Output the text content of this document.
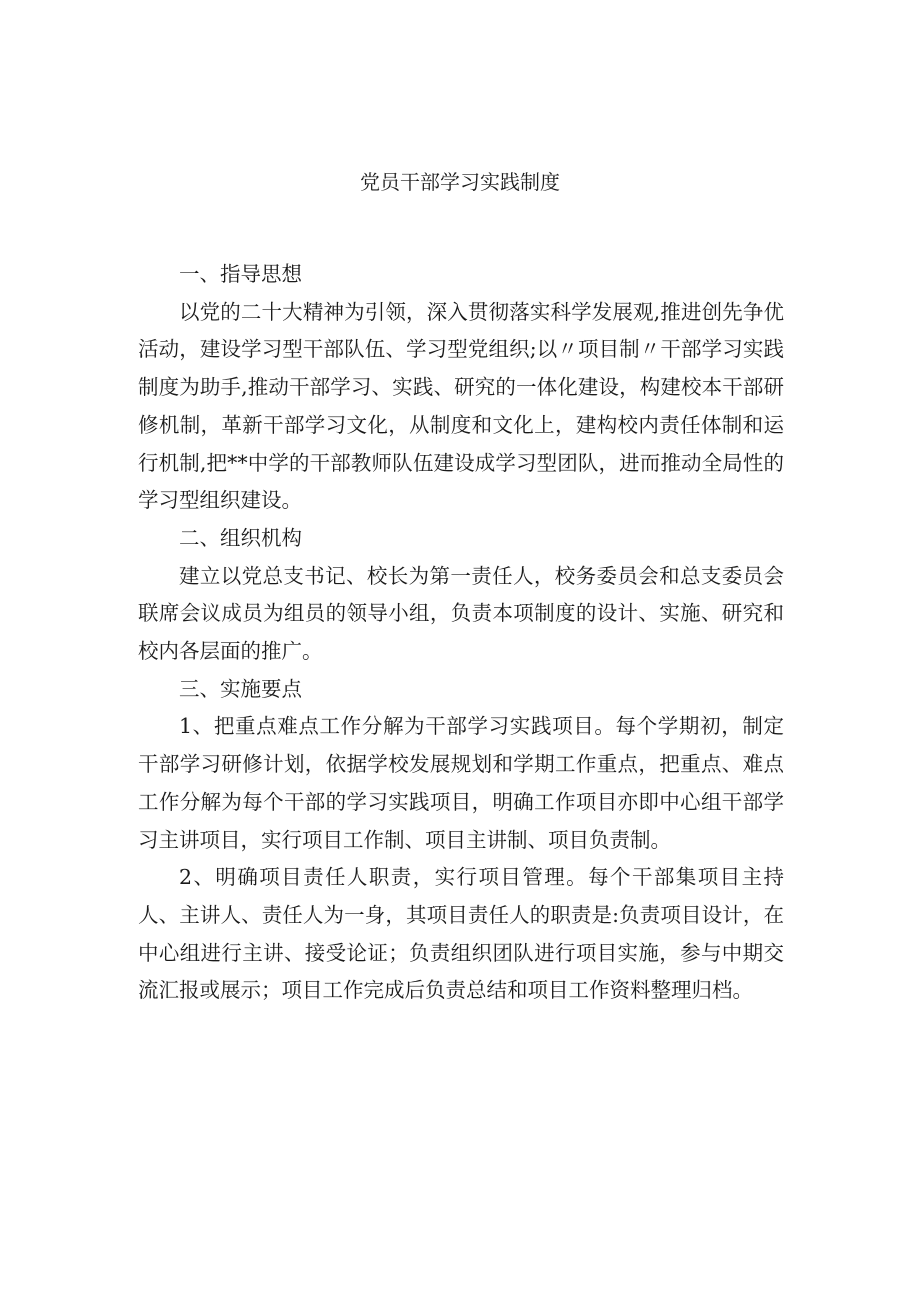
党员干部学习实践制度

一、指导思想

以党的二十大精神为引领，深入贯彻落实科学发展观,推进创先争优活动，建设学习型干部队伍、学习型党组织;以〃项目制〃干部学习实践制度为助手,推动干部学习、实践、研究的一体化建设，构建校本干部研修机制，革新干部学习文化，从制度和文化上，建构校内责任体制和运行机制,把**中学的干部教师队伍建设成学习型团队，进而推动全局性的学习型组织建设。

二、组织机构

建立以党总支书记、校长为第一责任人，校务委员会和总支委员会联席会议成员为组员的领导小组，负责本项制度的设计、实施、研究和校内各层面的推广。

三、实施要点

1、把重点难点工作分解为干部学习实践项目。每个学期初，制定干部学习研修计划，依据学校发展规划和学期工作重点，把重点、难点工作分解为每个干部的学习实践项目，明确工作项目亦即中心组干部学习主讲项目，实行项目工作制、项目主讲制、项目负责制。

2、明确项目责任人职责，实行项目管理。每个干部集项目主持人、主讲人、责任人为一身，其项目责任人的职责是:负责项目设计，在中心组进行主讲、接受论证；负责组织团队进行项目实施，参与中期交流汇报或展示；项目工作完成后负责总结和项目工作资料整理归档。
